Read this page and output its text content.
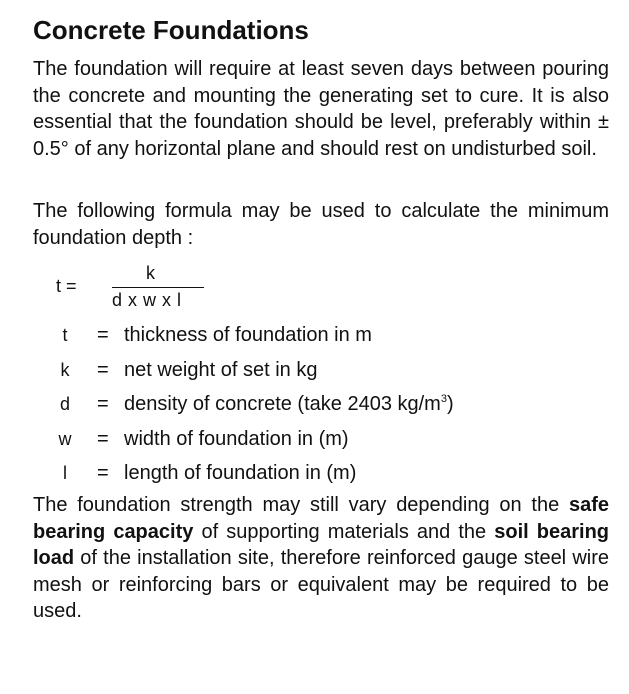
Concrete Foundations

The foundation will require at least seven days between pouring the concrete and mounting the generating set to cure. It is also essential that the foundation should be level, preferably within ± 0.5° of any horizontal plane and should rest on undisturbed soil.

The following formula may be used to calculate the minimum foundation depth :

t =
k
d x w x l
t = thickness of foundation in m
k = net weight of set in kg
d = density of concrete (take 2403 $kg/m^3$)
w = width of foundation in (m)
l	= length of foundation in (m)

The foundation strength may still vary depending on the safe bearing capacity of supporting materials and the soil bearing load of the installation site, therefore reinforced gauge steel wire mesh or reinforcing bars or equivalent may be required to be used.
